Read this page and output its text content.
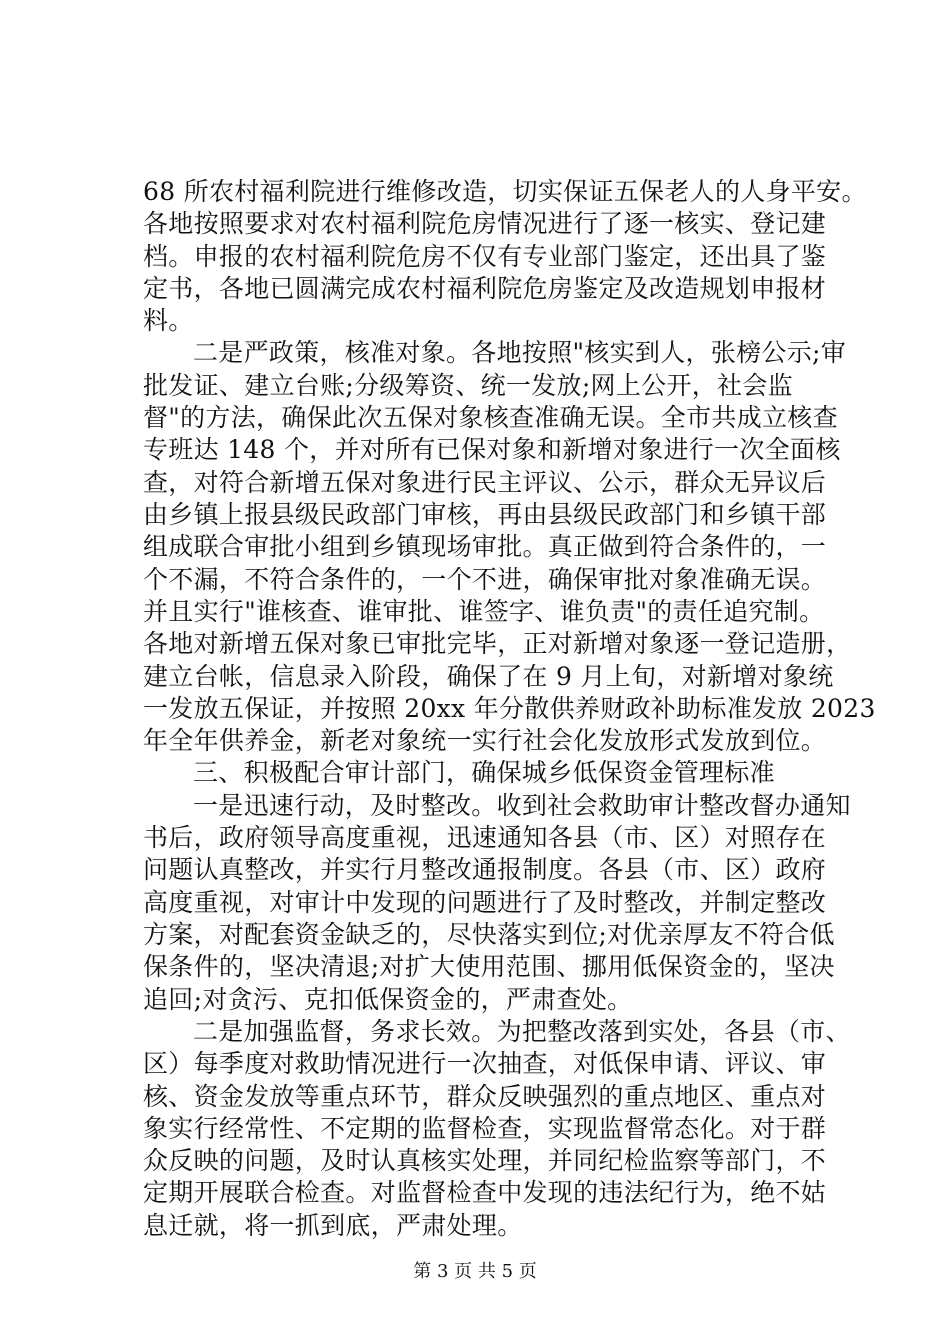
68 所农村福利院进行维修改造，切实保证五保老人的人身平安。
各地按照要求对农村福利院危房情况进行了逐一核实、登记建
档。申报的农村福利院危房不仅有专业部门鉴定，还出具了鉴
定书，各地已圆满完成农村福利院危房鉴定及改造规划申报材
料。
二是严政策，核准对象。各地按照"核实到人，张榜公示;审
批发证、建立台账;分级筹资、统一发放;网上公开，社会监
督"的方法，确保此次五保对象核查准确无误。全市共成立核查
专班达 148 个，并对所有已保对象和新增对象进行一次全面核
查，对符合新增五保对象进行民主评议、公示，群众无异议后
由乡镇上报县级民政部门审核，再由县级民政部门和乡镇干部
组成联合审批小组到乡镇现场审批。真正做到符合条件的，一
个不漏，不符合条件的，一个不进，确保审批对象准确无误。
并且实行"谁核查、谁审批、谁签字、谁负责"的责任追究制。
各地对新增五保对象已审批完毕，正对新增对象逐一登记造册，
建立台帐，信息录入阶段，确保了在 9 月上旬，对新增对象统
一发放五保证，并按照 20xx 年分散供养财政补助标准发放 2023
年全年供养金，新老对象统一实行社会化发放形式发放到位。
三、积极配合审计部门，确保城乡低保资金管理标准
一是迅速行动，及时整改。收到社会救助审计整改督办通知
书后，政府领导高度重视，迅速通知各县（市、区）对照存在
问题认真整改，并实行月整改通报制度。各县（市、区）政府
高度重视，对审计中发现的问题进行了及时整改，并制定整改
方案，对配套资金缺乏的，尽快落实到位;对优亲厚友不符合低
保条件的，坚决清退;对扩大使用范围、挪用低保资金的，坚决
追回;对贪污、克扣低保资金的，严肃查处。
二是加强监督，务求长效。为把整改落到实处，各县（市、
区）每季度对救助情况进行一次抽查，对低保申请、评议、审
核、资金发放等重点环节，群众反映强烈的重点地区、重点对
象实行经常性、不定期的监督检查，实现监督常态化。对于群
众反映的问题，及时认真核实处理，并同纪检监察等部门，不
定期开展联合检查。对监督检查中发现的违法纪行为，绝不姑
息迁就，将一抓到底，严肃处理。
第 3 页 共 5 页
